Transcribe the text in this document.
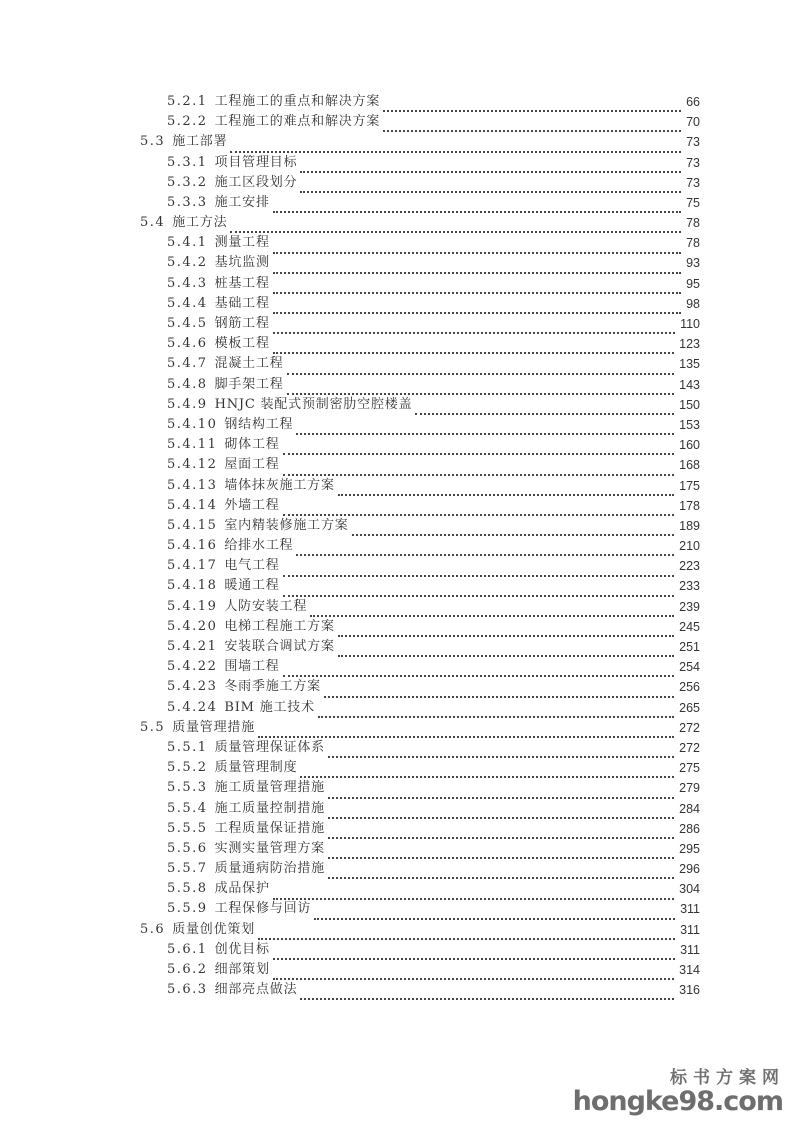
5.2.1 工程施工的重点和解决方案	66
5.2.2 工程施工的难点和解决方案	70
5.3 施工部署	73
5.3.1 项目管理目标	73
5.3.2 施工区段划分	73
5.3.3 施工安排	75
5.4 施工方法	78
5.4.1 测量工程	78
5.4.2 基坑监测	93
5.4.3 桩基工程	95
5.4.4 基础工程	98
5.4.5 钢筋工程	110
5.4.6 模板工程	123
5.4.7 混凝土工程	135
5.4.8 脚手架工程	143
5.4.9 HNJC 装配式预制密肋空腔楼盖	150
5.4.10 钢结构工程	153
5.4.11 砌体工程	160
5.4.12 屋面工程	168
5.4.13 墙体抹灰施工方案	175
5.4.14 外墙工程	178
5.4.15 室内精装修施工方案	189
5.4.16 给排水工程	210
5.4.17 电气工程	223
5.4.18 暖通工程	233
5.4.19 人防安装工程	239
5.4.20 电梯工程施工方案	245
5.4.21 安装联合调试方案	251
5.4.22 围墙工程	254
5.4.23 冬雨季施工方案	256
5.4.24 BIM 施工技术	265
5.5 质量管理措施	272
5.5.1 质量管理保证体系	272
5.5.2 质量管理制度	275
5.5.3 施工质量管理措施	279
5.5.4 施工质量控制措施	284
5.5.5 工程质量保证措施	286
5.5.6 实测实量管理方案	295
5.5.7 质量通病防治措施	296
5.5.8 成品保护	304
5.5.9 工程保修与回访	311
5.6 质量创优策划	311
5.6.1 创优目标	311
5.6.2 细部策划	314
5.6.3 细部亮点做法	316
标书方案网
hongke98.com
